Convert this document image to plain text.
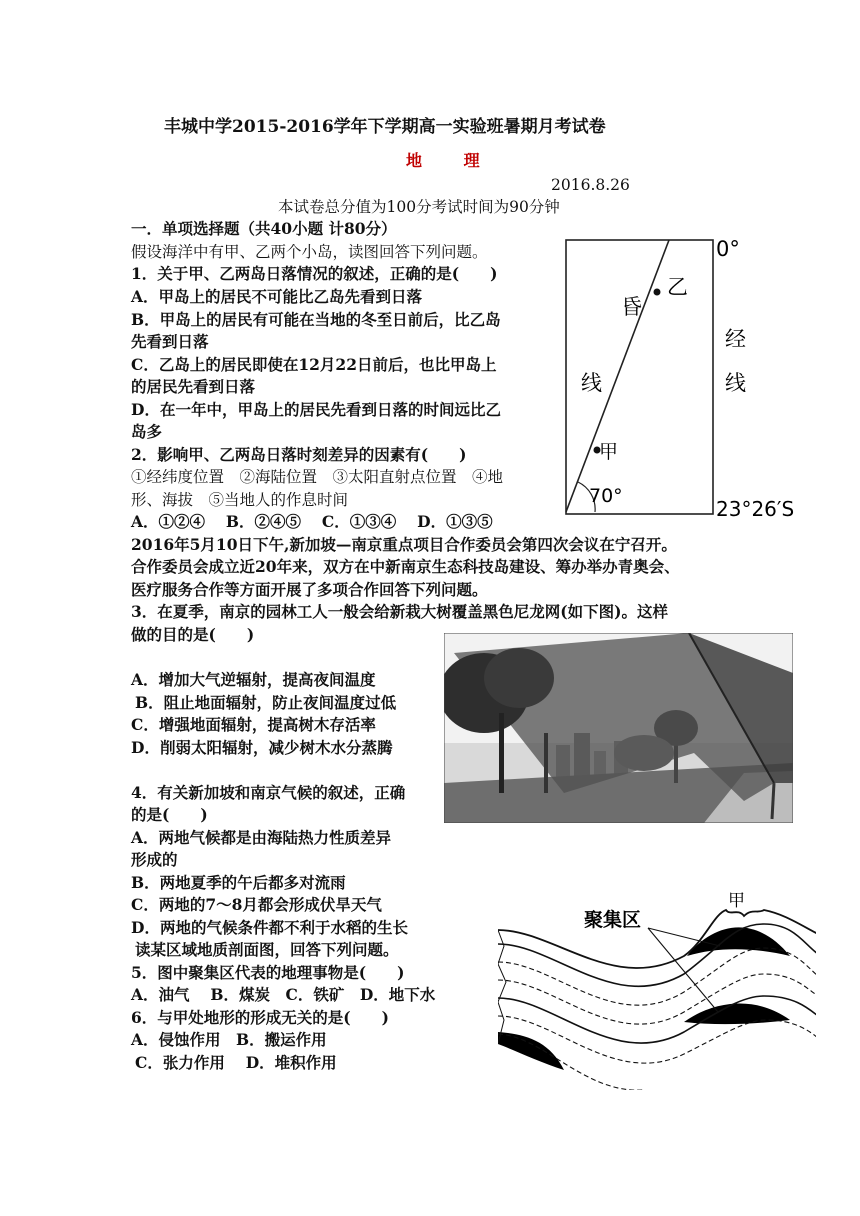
丰城中学2015-2016学年下学期高一实验班暑期月考试卷
地 理
2016.8.26
本试卷总分值为100分考试时间为90分钟
一．单项选择题（共40小题 计80分）
假设海洋中有甲、乙两个小岛，读图回答下列问题。
1．关于甲、乙两岛日落情况的叙述，正确的是(　　)
A．甲岛上的居民不可能比乙岛先看到日落
B．甲岛上的居民有可能在当地的冬至日前后，比乙岛
先看到日落
C．乙岛上的居民即使在12月22日前后，也比甲岛上
的居民先看到日落
D．在一年中，甲岛上的居民先看到日落的时间远比乙
岛多
2．影响甲、乙两岛日落时刻差异的因素有(　　)
①经纬度位置　②海陆位置　③太阳直射点位置　④地
形、海拔　⑤当地人的作息时间
A．①②④　 B．②④⑤　 C．①③④　 D．①③⑤
2016年5月10日下午,新加坡—南京重点项目合作委员会第四次会议在宁召开。
合作委员会成立近20年来，双方在中新南京生态科技岛建设、筹办举办青奥会、
医疗服务合作等方面开展了多项合作回答下列问题。
3．在夏季，南京的园林工人一般会给新栽大树覆盖黑色尼龙网(如下图)。这样
做的目的是(　　)
A．增加大气逆辐射，提高夜间温度
B．阻止地面辐射，防止夜间温度过低
C．增强地面辐射，提高树木存活率
D．削弱太阳辐射，减少树木水分蒸腾
4．有关新加坡和南京气候的叙述，正确
的是(　　)
A．两地气候都是由海陆热力性质差异
形成的
B．两地夏季的午后都多对流雨
C．两地的7～8月都会形成伏旱天气
D．两地的气候条件都不利于水稻的生长
读某区域地质剖面图，回答下列问题。
5．图中聚集区代表的地理事物是(　　)
A．油气　 B．煤炭　C．铁矿　D．地下水
6．与甲处地形的形成无关的是(　　)
A．侵蚀作用　B．搬运作用
C．张力作用　 D．堆积作用
0°
23°26′S
70°
乙
甲
昏
线
经
线
聚集区
甲
